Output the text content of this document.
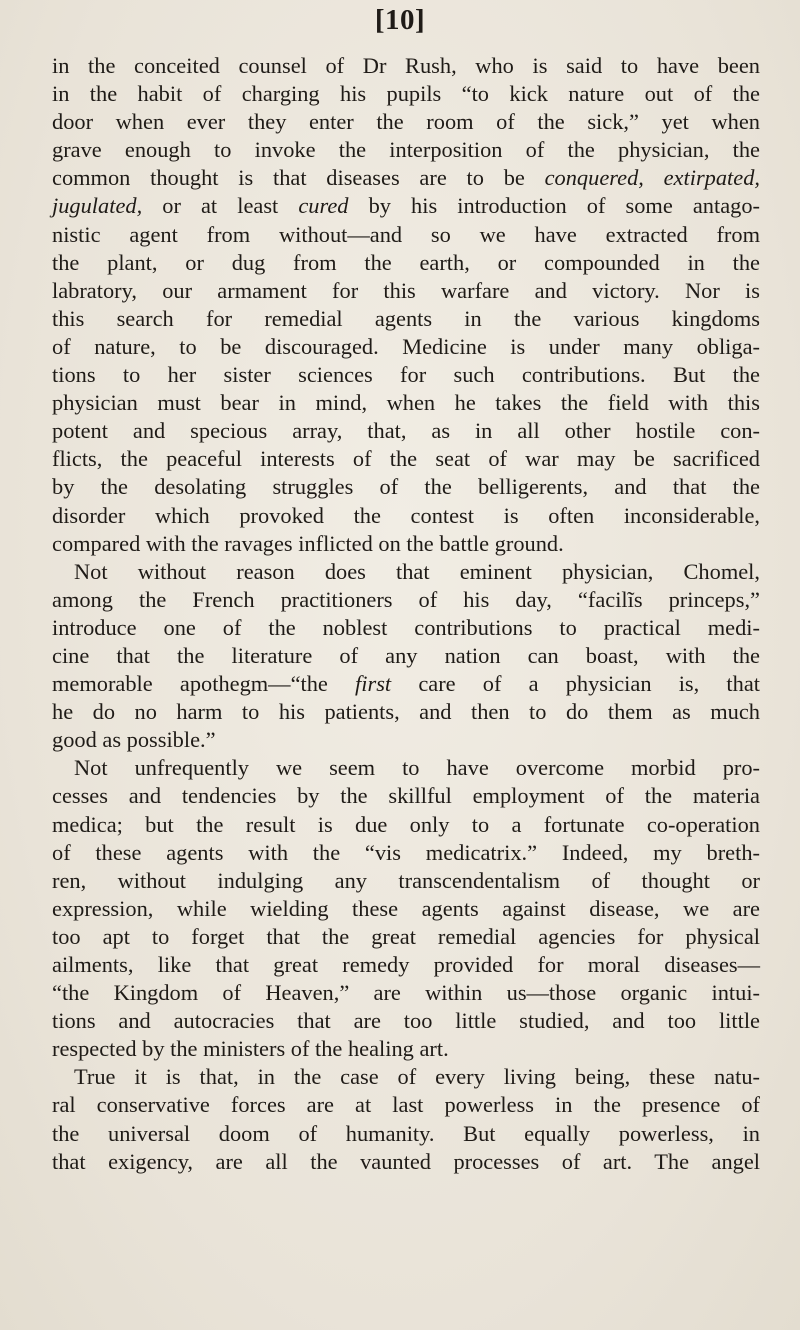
[10]
in the conceited counsel of Dr Rush, who is said to have been
in the habit of charging his pupils “to kick nature out of the
door when ever they enter the room of the sick,” yet when
grave enough to invoke the interposition of the physician, the
common thought is that diseases are to be conquered, extirpated,
jugulated, or at least cured by his introduction of some antago-
nistic agent from without—and so we have extracted from
the plant, or dug from the earth, or compounded in the
labratory, our armament for this warfare and victory. Nor is
this search for remedial agents in the various kingdoms
of nature, to be discouraged. Medicine is under many obliga-
tions to her sister sciences for such contributions. But the
physician must bear in mind, when he takes the field with this
potent and specious array, that, as in all other hostile con-
flicts, the peaceful interests of the seat of war may be sacrificed
by the desolating struggles of the belligerents, and that the
disorder which provoked the contest is often inconsiderable,
compared with the ravages inflicted on the battle ground.
Not without reason does that eminent physician, Chomel,
among the French practitioners of his day, “facilĩs princeps,”
introduce one of the noblest contributions to practical medi-
cine that the literature of any nation can boast, with the
memorable apothegm—“the first care of a physician is, that
he do no harm to his patients, and then to do them as much
good as possible.”
Not unfrequently we seem to have overcome morbid pro-
cesses and tendencies by the skillful employment of the materia
medica; but the result is due only to a fortunate co-operation
of these agents with the “vis medicatrix.” Indeed, my breth-
ren, without indulging any transcendentalism of thought or
expression, while wielding these agents against disease, we are
too apt to forget that the great remedial agencies for physical
ailments, like that great remedy provided for moral diseases—
“the Kingdom of Heaven,” are within us—those organic intui-
tions and autocracies that are too little studied, and too little
respected by the ministers of the healing art.
True it is that, in the case of every living being, these natu-
ral conservative forces are at last powerless in the presence of
the universal doom of humanity. But equally powerless, in
that exigency, are all the vaunted processes of art. The angel
